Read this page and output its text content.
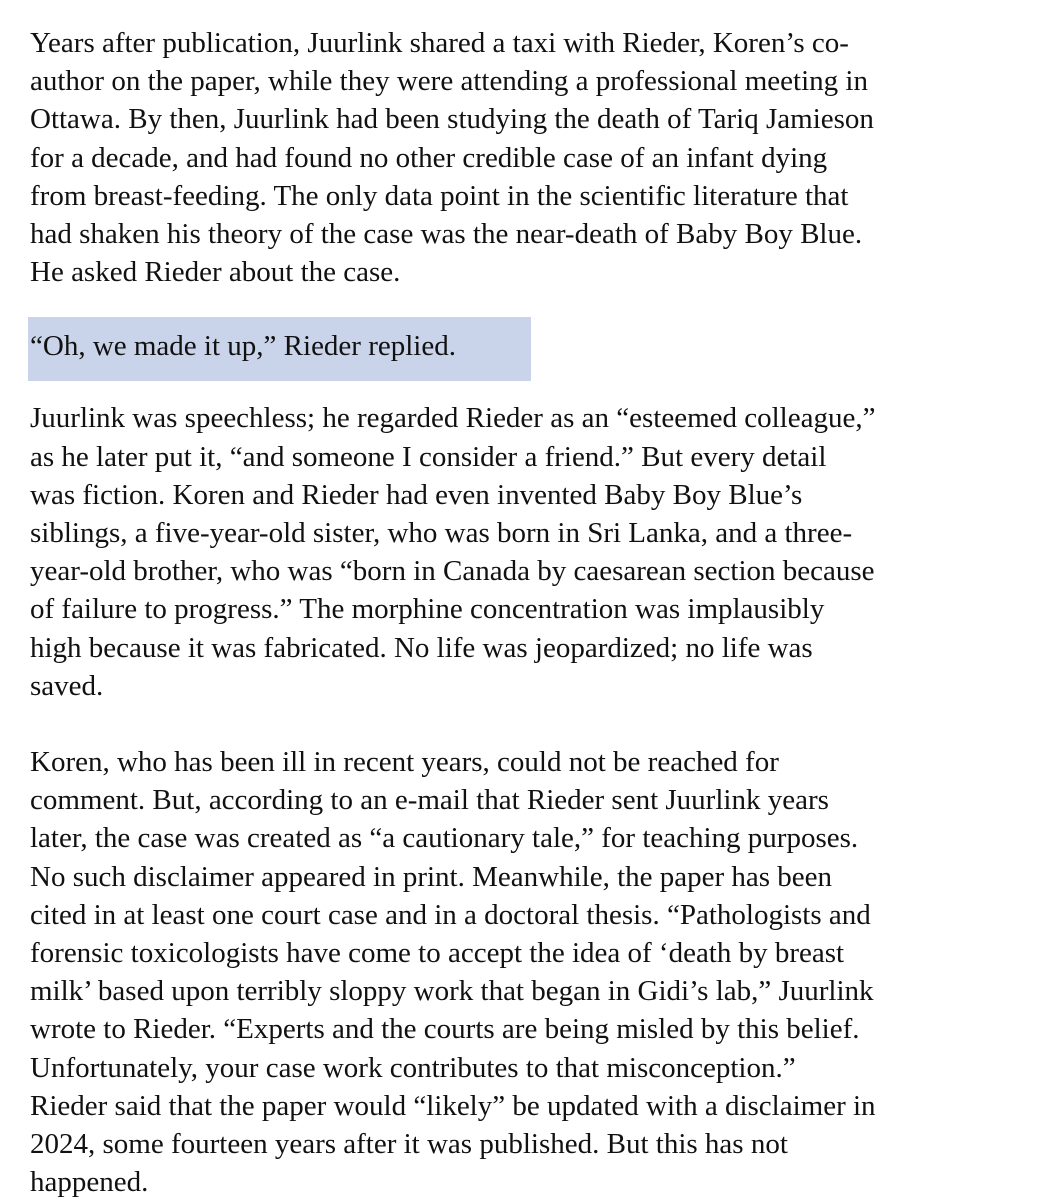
Years after publication, Juurlink shared a taxi with Rieder, Koren’s co-
author on the paper, while they were attending a professional meeting in
Ottawa. By then, Juurlink had been studying the death of Tariq Jamieson
for a decade, and had found no other credible case of an infant dying
from breast-feeding. The only data point in the scientific literature that
had shaken his theory of the case was the near-death of Baby Boy Blue.
He asked Rieder about the case.
“Oh, we made it up,” Rieder replied.
Juurlink was speechless; he regarded Rieder as an “esteemed colleague,”
as he later put it, “and someone I consider a friend.” But every detail
was fiction. Koren and Rieder had even invented Baby Boy Blue’s
siblings, a five-year-old sister, who was born in Sri Lanka, and a three-
year-old brother, who was “born in Canada by caesarean section because
of failure to progress.” The morphine concentration was implausibly
high because it was fabricated. No life was jeopardized; no life was
saved.
Koren, who has been ill in recent years, could not be reached for
comment. But, according to an e-mail that Rieder sent Juurlink years
later, the case was created as “a cautionary tale,” for teaching purposes.
No such disclaimer appeared in print. Meanwhile, the paper has been
cited in at least one court case and in a doctoral thesis. “Pathologists and
forensic toxicologists have come to accept the idea of ‘death by breast
milk’ based upon terribly sloppy work that began in Gidi’s lab,” Juurlink
wrote to Rieder. “Experts and the courts are being misled by this belief.
Unfortunately, your case work contributes to that misconception.”
Rieder said that the paper would “likely” be updated with a disclaimer in
2024, some fourteen years after it was published. But this has not
happened.
